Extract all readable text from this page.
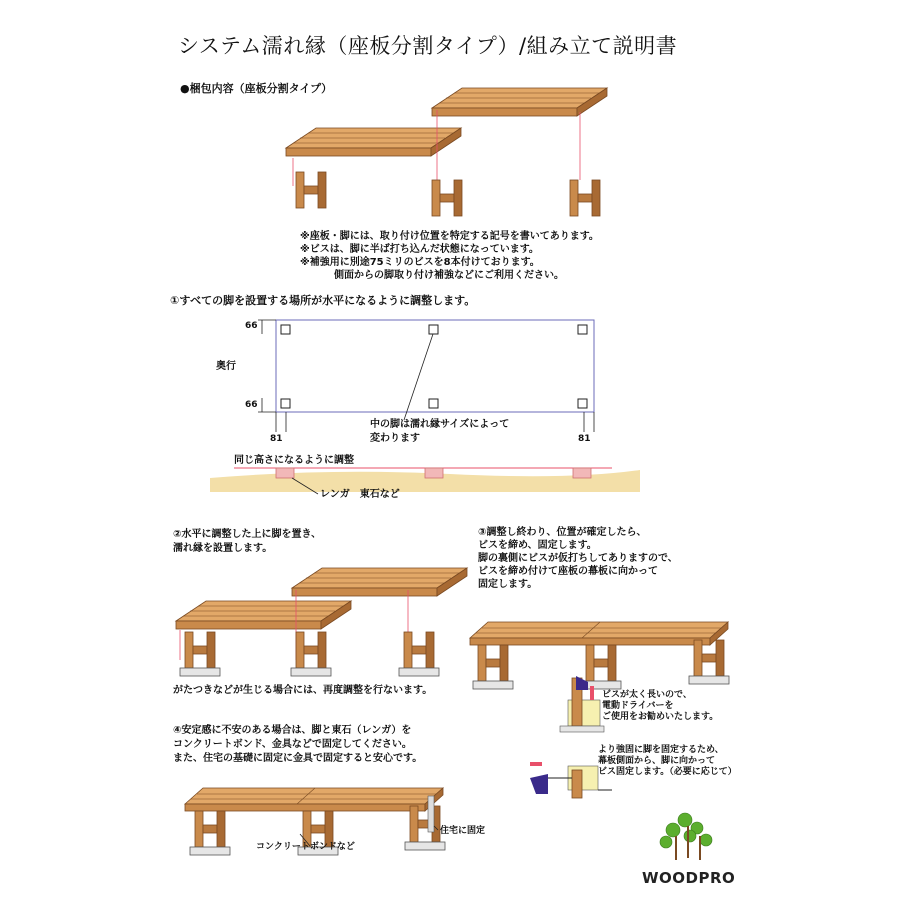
システム濡れ縁（座板分割タイプ）/組み立て説明書
●梱包内容（座板分割タイプ）
※座板・脚には、取り付け位置を特定する記号を書いてあります。
※ビスは、脚に半ば打ち込んだ状態になっています。
※補強用に別途75ミリのビスを8本付けております。
側面からの脚取り付け補強などにご利用ください。
①すべての脚を設置する場所が水平になるように調整します。
66
奥行
66
81	81
中の脚は濡れ縁サイズによって
変わります
同じ高さになるように調整
レンガ　東石など
②水平に調整した上に脚を置き、
濡れ縁を設置します。
がたつきなどが生じる場合には、再度調整を行ないます。
③調整し終わり、位置が確定したら、
ビスを締め、固定します。
脚の裏側にビスが仮打ちしてありますので、
ビスを締め付けて座板の幕板に向かって
固定します。
ビスが太く長いので、
電動ドライバーを
ご使用をお勧めいたします。
より強固に脚を固定するため、
幕板側面から、脚に向かって
ビス固定します。（必要に応じて）
④安定感に不安のある場合は、脚と東石（レンガ）を
コンクリートボンド、金具などで固定してください。
また、住宅の基礎に固定に金具で固定すると安心です。
コンクリートボンドなど
住宅に固定
WOODPRO
